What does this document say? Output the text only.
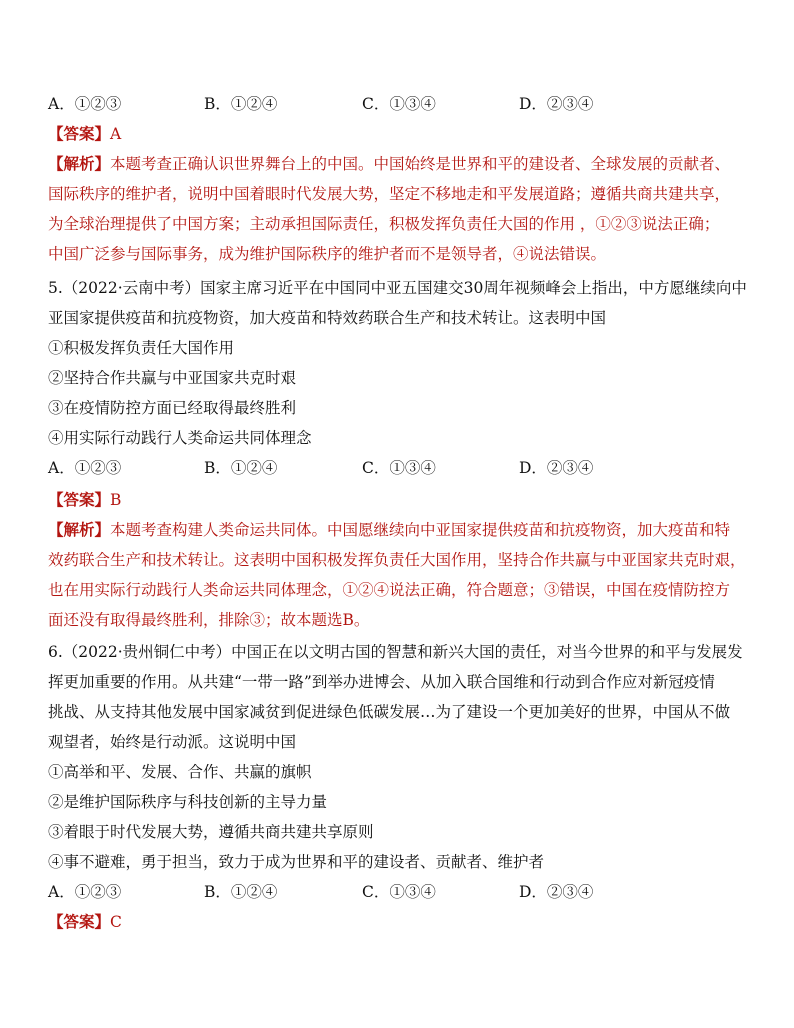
A．①②③	B．①②④	C．①③④	D．②③④
【答案】A
【解析】本题考查正确认识世界舞台上的中国。中国始终是世界和平的建设者、全球发展的贡献者、
国际秩序的维护者，说明中国着眼时代发展大势，坚定不移地走和平发展道路；遵循共商共建共享，
为全球治理提供了中国方案；主动承担国际责任，积极发挥负责任大国的作用 ，①②③说法正确；
中国广泛参与国际事务，成为维护国际秩序的维护者而不是领导者，④说法错误。
5.（2022·云南中考）国家主席习近平在中国同中亚五国建交30周年视频峰会上指出，中方愿继续向中
亚国家提供疫苗和抗疫物资，加大疫苗和特效药联合生产和技术转让。这表明中国
①积极发挥负责任大国作用
②坚持合作共赢与中亚国家共克时艰
③在疫情防控方面已经取得最终胜利
④用实际行动践行人类命运共同体理念
A．①②③	B．①②④	C．①③④	D．②③④
【答案】B
【解析】本题考查构建人类命运共同体。中国愿继续向中亚国家提供疫苗和抗疫物资，加大疫苗和特
效药联合生产和技术转让。这表明中国积极发挥负责任大国作用，坚持合作共赢与中亚国家共克时艰，
也在用实际行动践行人类命运共同体理念，①②④说法正确，符合题意；③错误，中国在疫情防控方
面还没有取得最终胜利，排除③；故本题选B。
6.（2022·贵州铜仁中考）中国正在以文明古国的智慧和新兴大国的责任，对当今世界的和平与发展发
挥更加重要的作用。从共建“一带一路”到举办进博会、从加入联合国维和行动到合作应对新冠疫情
挑战、从支持其他发展中国家减贫到促进绿色低碳发展…为了建设一个更加美好的世界，中国从不做
观望者，始终是行动派。这说明中国
①高举和平、发展、合作、共赢的旗帜
②是维护国际秩序与科技创新的主导力量
③着眼于时代发展大势，遵循共商共建共享原则
④事不避难，勇于担当，致力于成为世界和平的建设者、贡献者、维护者
A．①②③	B．①②④	C．①③④	D．②③④
【答案】C
